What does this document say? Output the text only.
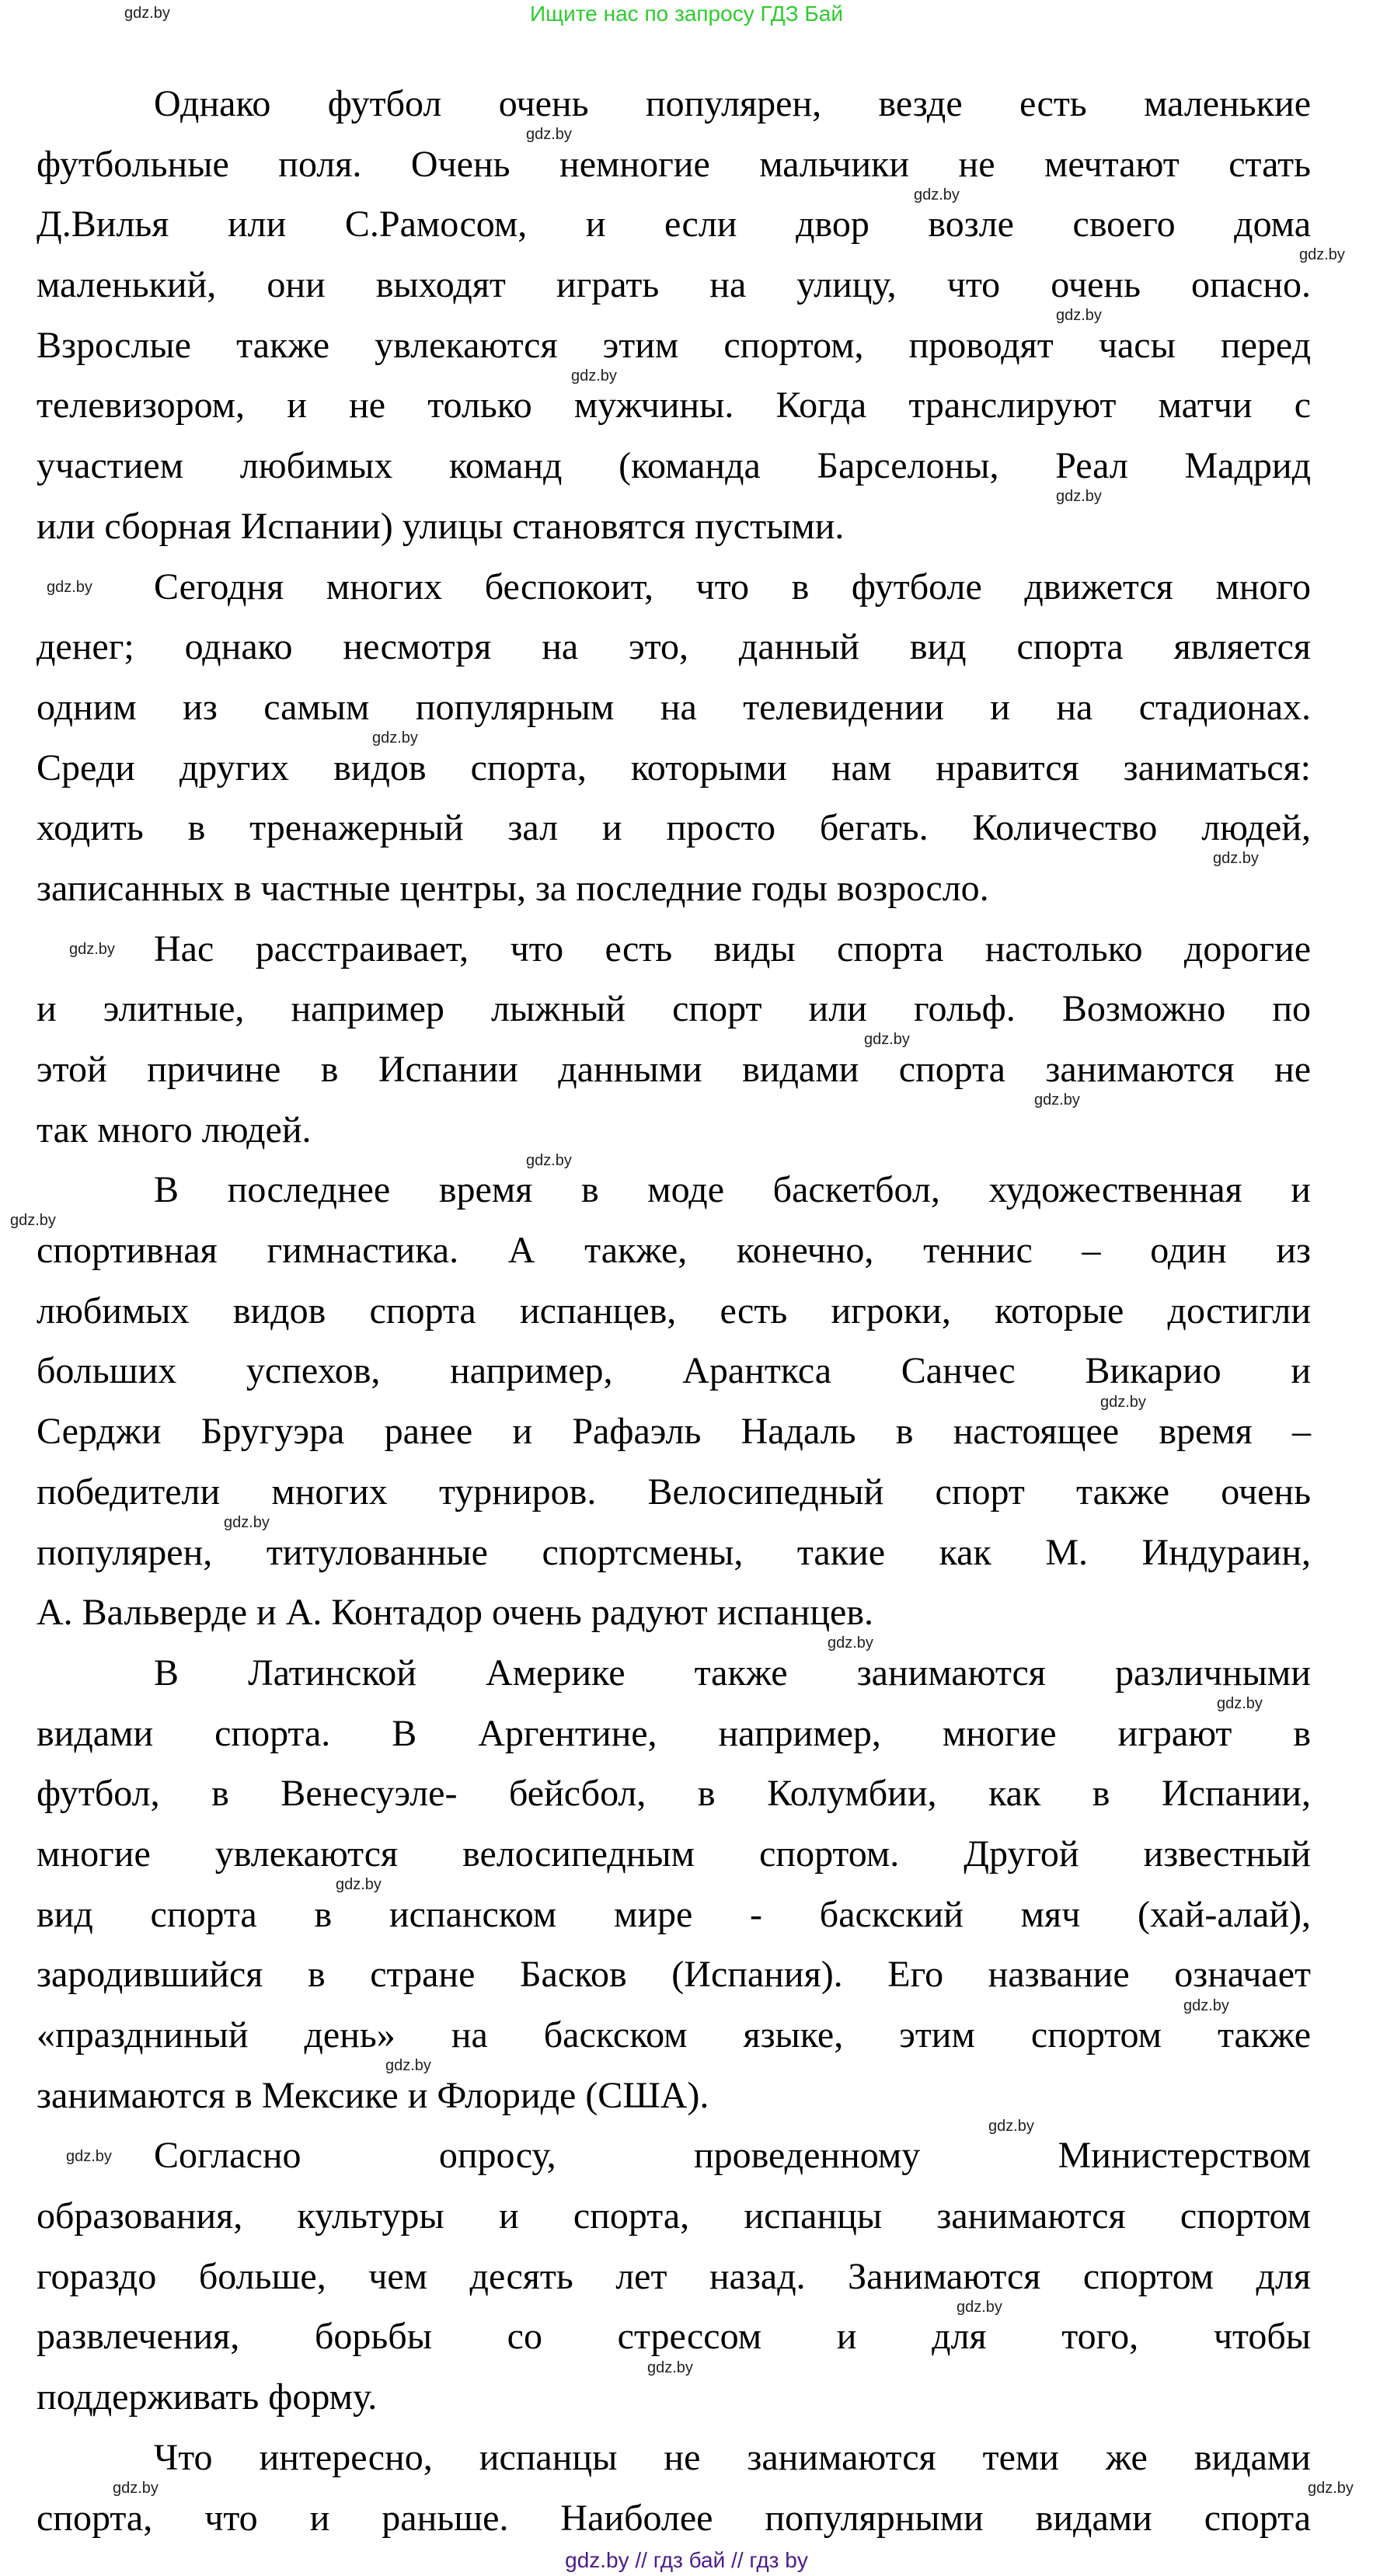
Ищите нас по запросу ГДЗ Бай
Однако футбол очень популярен, везде есть маленькие
футбольные поля. Очень немногие мальчики не мечтают стать
Д.Вилья или С.Рамосом, и если двор возле своего дома
маленький, они выходят играть на улицу, что очень опасно.
Взрослые также увлекаются этим спортом, проводят часы перед
телевизором, и не только мужчины. Когда транслируют матчи с
участием любимых команд (команда Барселоны, Реал Мадрид
или сборная Испании) улицы становятся пустыми.
Сегодня многих беспокоит, что в футболе движется много
денег; однако несмотря на это, данный вид спорта является
одним из самым популярным на телевидении и на стадионах.
Среди других видов спорта, которыми нам нравится заниматься:
ходить в тренажерный зал и просто бегать. Количество людей,
записанных в частные центры, за последние годы возросло.
Нас расстраивает, что есть виды спорта настолько дорогие
и элитные, например лыжный спорт или гольф. Возможно по
этой причине в Испании данными видами спорта занимаются не
так много людей.
В последнее время в моде баскетбол, художественная и
спортивная гимнастика. А также, конечно, теннис – один из
любимых видов спорта испанцев, есть игроки, которые достигли
больших успехов, например, Аранткса Санчес Викарио и
Серджи Бругуэра ранее и Рафаэль Надаль в настоящее время –
победители многих турниров. Велосипедный спорт также очень
популярен, титулованные спортсмены, такие как М. Индураин,
А. Вальверде и А. Контадор очень радуют испанцев.
В Латинской Америке также занимаются различными
видами спорта. В Аргентине, например, многие играют в
футбол, в Венесуэле- бейсбол, в Колумбии, как в Испании,
многие увлекаются велосипедным спортом. Другой известный
вид спорта в испанском мире - баскский мяч (хай-алай),
зародившийся в стране Басков (Испания). Его название означает
«праздниный день» на баскском языке, этим спортом также
занимаются в Мексике и Флориде (США).
Согласно опросу, проведенному Министерством
образования, культуры и спорта, испанцы занимаются спортом
гораздо больше, чем десять лет назад. Занимаются спортом для
развлечения, борьбы со стрессом и для того, чтобы
поддерживать форму.
Что интересно, испанцы не занимаются теми же видами
спорта, что и раньше. Наиболее популярными видами спорта
gdz.by
gdz.by
gdz.by
gdz.by
gdz.by
gdz.by
gdz.by
gdz.by
gdz.by
gdz.by
gdz.by
gdz.by
gdz.by
gdz.by
gdz.by
gdz.by
gdz.by
gdz.by
gdz.by
gdz.by
gdz.by
gdz.by
gdz.by
gdz.by
gdz.by
gdz.by
gdz.by
gdz.by
gdz.by // гдз бай // гдз by
